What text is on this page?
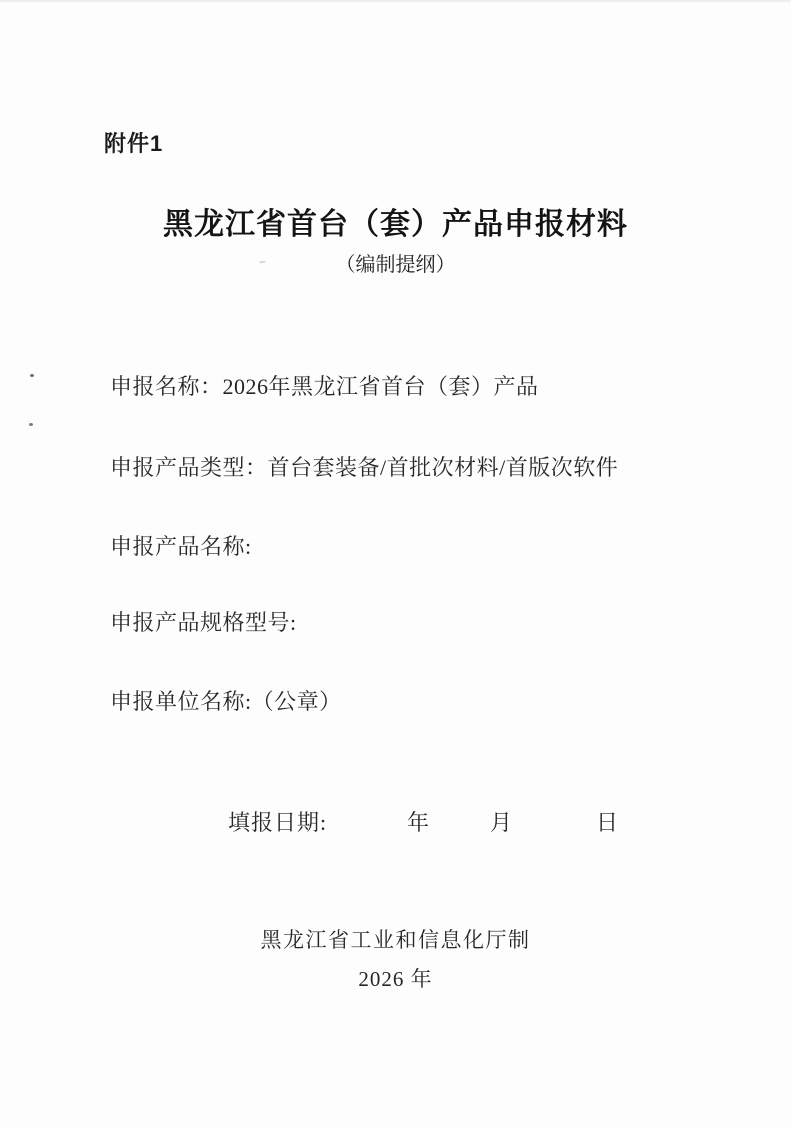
附件1
黑龙江省首台（套）产品申报材料
（编制提纲）
申报名称：2026年黑龙江省首台（套）产品
申报产品类型：首台套装备/首批次材料/首版次软件
申报产品名称:
申报产品规格型号:
申报单位名称:（公章）
填报日期:	年	月	日
黑龙江省工业和信息化厅制
2026 年
